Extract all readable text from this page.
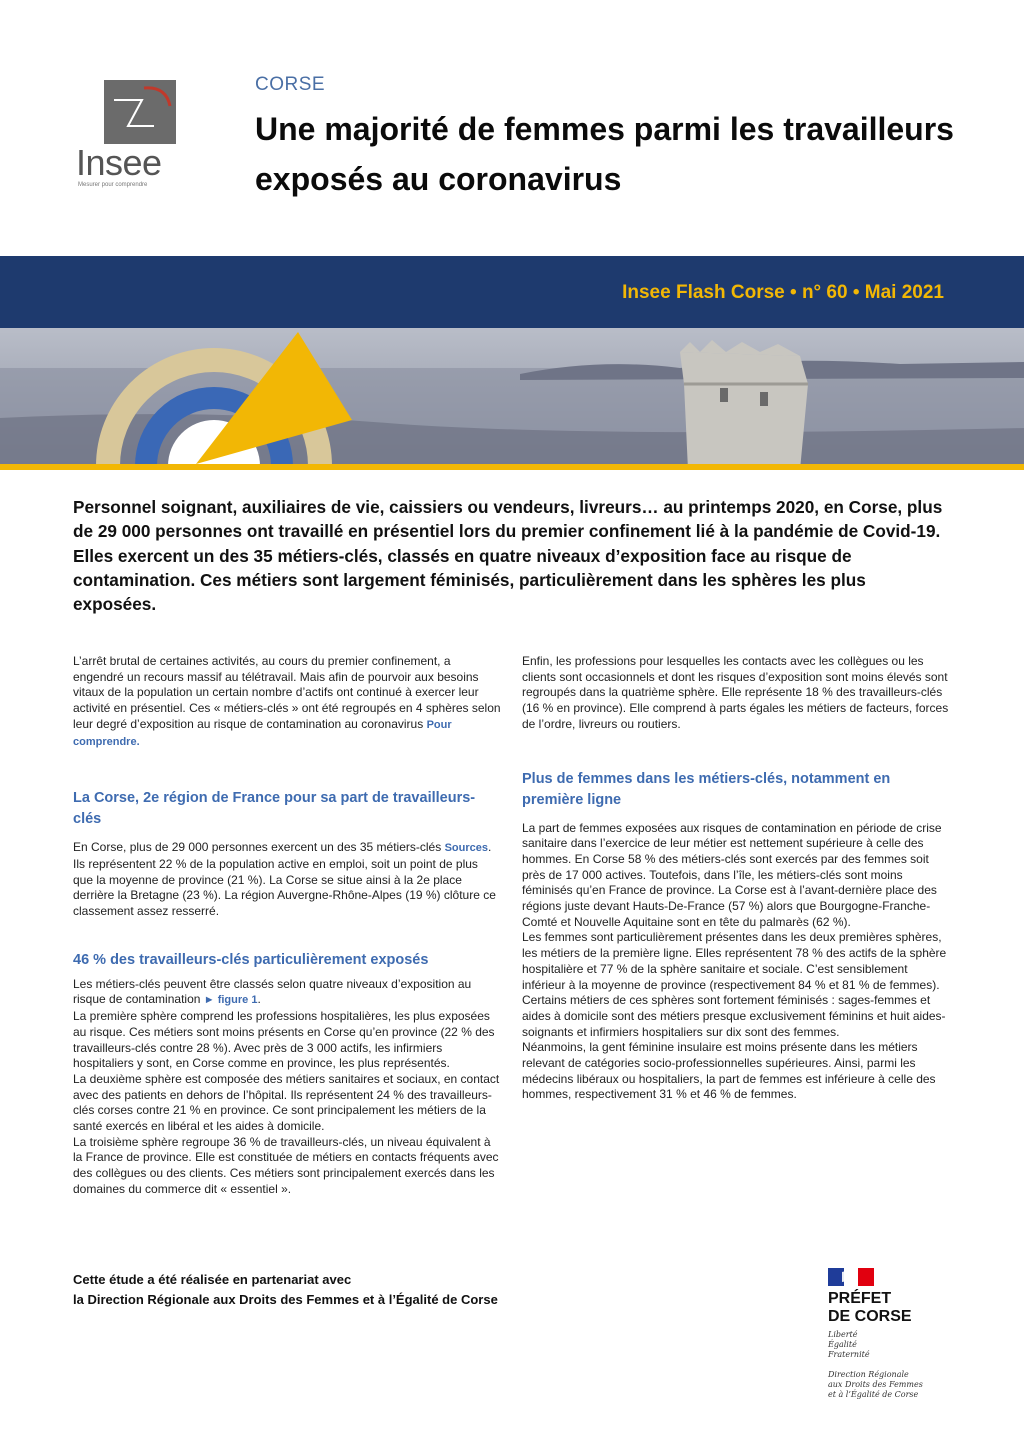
Insee
Mesurer pour comprendre
CORSE
Une majorité de femmes parmi les travailleurs exposés au coronavirus
Insee Flash Corse • n° 60 • Mai 2021

Personnel soignant, auxiliaires de vie, caissiers ou vendeurs, livreurs… au printemps 2020, en Corse, plus de 29 000 personnes ont travaillé en présentiel lors du premier confinement lié à la pandémie de Covid-19. Elles exercent un des 35 métiers-clés, classés en quatre niveaux d’exposition face au risque de contamination. Ces métiers sont largement féminisés, particulièrement dans les sphères les plus exposées.

L’arrêt brutal de certaines activités, au cours du premier confinement, a engendré un recours massif au télétravail. Mais afin de pourvoir aux besoins vitaux de la population un certain nombre d’actifs ont continué à exercer leur activité en présentiel. Ces « métiers-clés » ont été regroupés en 4 sphères selon leur degré d’exposition au risque de contamination au coronavirus Pour comprendre.

La Corse, 2e région de France pour sa part de travailleurs-clés

En Corse, plus de 29 000 personnes exercent un des 35 métiers-clés Sources. Ils représentent 22 % de la population active en emploi, soit un point de plus que la moyenne de province (21 %). La Corse se situe ainsi à la 2e place derrière la Bretagne (23 %). La région Auvergne-Rhône-Alpes (19 %) clôture ce classement assez resserré.

46 % des travailleurs-clés particulièrement exposés

Les métiers-clés peuvent être classés selon quatre niveaux d’exposition au risque de contamination ► figure 1.

La première sphère comprend les professions hospitalières, les plus exposées au risque. Ces métiers sont moins présents en Corse qu’en province (22 % des travailleurs-clés contre 28 %). Avec près de 3 000 actifs, les infirmiers hospitaliers y sont, en Corse comme en province, les plus représentés.

La deuxième sphère est composée des métiers sanitaires et sociaux, en contact avec des patients en dehors de l’hôpital. Ils représentent 24 % des travailleurs-clés corses contre 21 % en province. Ce sont principalement les métiers de la santé exercés en libéral et les aides à domicile.

La troisième sphère regroupe 36 % de travailleurs-clés, un niveau équivalent à la France de province. Elle est constituée de métiers en contacts fréquents avec des collègues ou des clients. Ces métiers sont principalement exercés dans les domaines du commerce dit « essentiel ».

Enfin, les professions pour lesquelles les contacts avec les collègues ou les clients sont occasionnels et dont les risques d’exposition sont moins élevés sont regroupés dans la quatrième sphère. Elle représente 18 % des travailleurs-clés (16 % en province). Elle comprend à parts égales les métiers de facteurs, forces de l’ordre, livreurs ou routiers.

Plus de femmes dans les métiers-clés, notamment en première ligne

La part de femmes exposées aux risques de contamination en période de crise sanitaire dans l’exercice de leur métier est nettement supérieure à celle des hommes. En Corse 58 % des métiers-clés sont exercés par des femmes soit près de 17 000 actives. Toutefois, dans l’île, les métiers-clés sont moins féminisés qu’en France de province. La Corse est à l’avant-dernière place des régions juste devant Hauts-De-France (57 %) alors que Bourgogne-Franche-Comté et Nouvelle Aquitaine sont en tête du palmarès (62 %).

Les femmes sont particulièrement présentes dans les deux premières sphères, les métiers de la première ligne. Elles représentent 78 % des actifs de la sphère hospitalière et 77 % de la sphère sanitaire et sociale. C’est sensiblement inférieur à la moyenne de province (respectivement 84 % et 81 % de femmes). Certains métiers de ces sphères sont fortement féminisés : sages-femmes et aides à domicile sont des métiers presque exclusivement féminins et huit aides-soignants et infirmiers hospitaliers sur dix sont des femmes.

Néanmoins, la gent féminine insulaire est moins présente dans les métiers relevant de catégories socio-professionnelles supérieures. Ainsi, parmi les médecins libéraux ou hospitaliers, la part de femmes est inférieure à celle des hommes, respectivement 31 % et 46 % de femmes.

Cette étude a été réalisée en partenariat avec
la Direction Régionale aux Droits des Femmes et à l’Égalité de Corse	PRÉFET
DE CORSE
Liberté
Égalité
Fraternité
Direction Régionale
aux Droits des Femmes
et à l’Égalité de Corse
